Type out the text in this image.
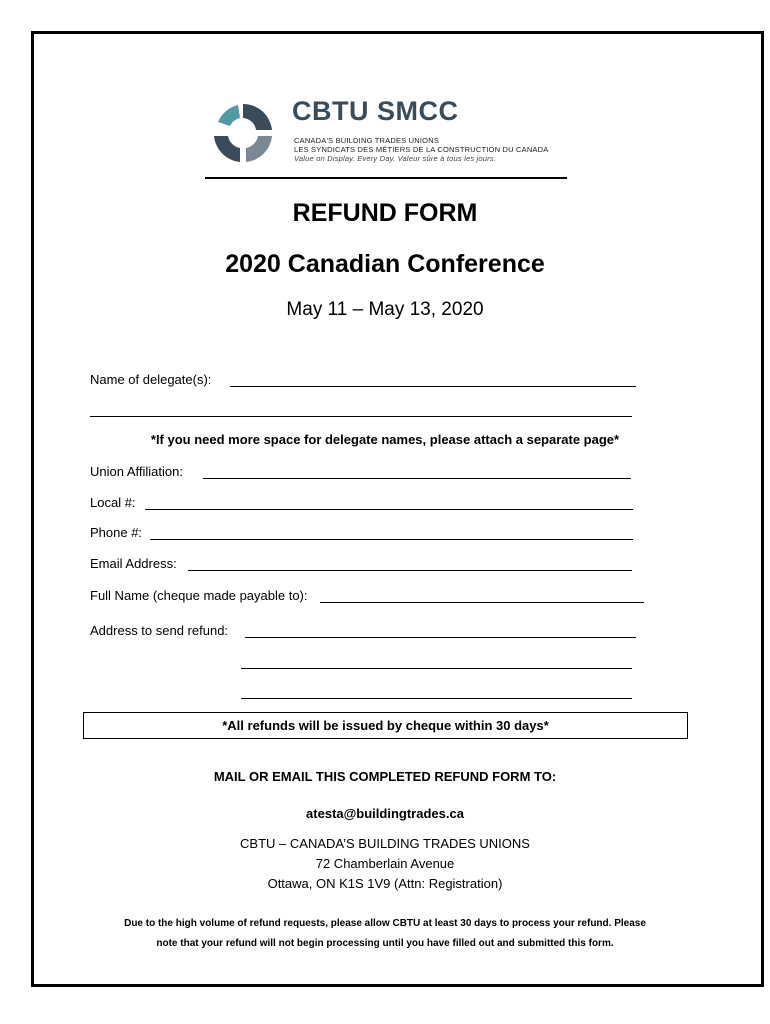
CBTU SMCC
CANADA'S BUILDING TRADES UNIONS
LES SYNDICATS DES MÉTIERS DE LA CONSTRUCTION DU CANADA
Value on Display. Every Day. Valeur sûre à tous les jours.
REFUND FORM
2020 Canadian Conference
May 11 – May 13, 2020
Name of delegate(s):
*If you need more space for delegate names, please attach a separate page*
Union Affiliation:
Local #:
Phone #:
Email Address:
Full Name (cheque made payable to):
Address to send refund:
*All refunds will be issued by cheque within 30 days*
MAIL OR EMAIL THIS COMPLETED REFUND FORM TO:
atesta@buildingtrades.ca
CBTU – CANADA’S BUILDING TRADES UNIONS
72 Chamberlain Avenue
Ottawa, ON K1S 1V9 (Attn: Registration)
Due to the high volume of refund requests, please allow CBTU at least 30 days to process your refund. Please
note that your refund will not begin processing until you have filled out and submitted this form.
